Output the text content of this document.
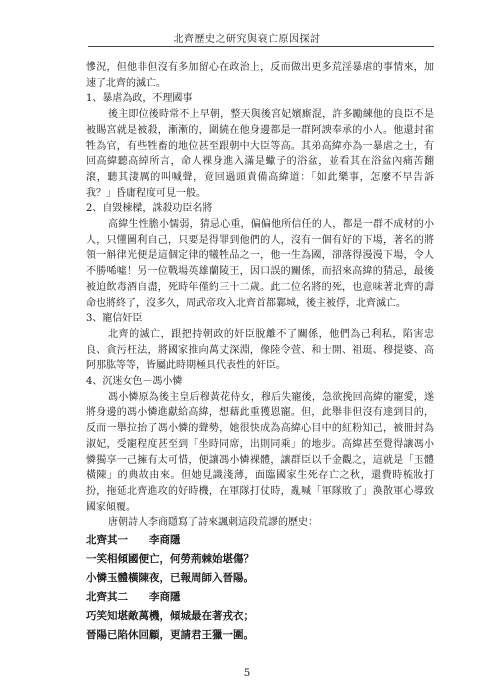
北齊歷史之研究與衰亡原因探討

慘況，但他非但沒有多加留心在政治上，反而做出更多荒淫暴虐的事情來，加速了北齊的滅亡。

1、暴虐為政，不理國事

後主即位後時常不上早朝，整天與後宮妃嬪廝混，許多勵練他的良臣不是被賜宮就是被殺，漸漸的，圍繞在他身邊都是一群阿諛奉承的小人。他還封雀牲為官，有些牲畜的地位甚至跟朝中大臣等高。其弟高緯亦為一暴虐之士，有回高緯聽高綽所言，命人裸身進入滿是蠍子的浴盆，並看其在浴盆內痛苦翻滾，聽其淒厲的叫喊聲，竟回過頭責備高緯道：「如此樂事，怎麼不早告訴我？」昏庸程度可見一般。

2、自毀棟樑，誅殺功臣名將

高緯生性膽小懦弱，猜忌心重，偏偏他所信任的人，都是一群不成材的小人，只懂圖利自己，只要是得罪到他們的人，沒有一個有好的下場，著名的將領一斛律光便是這個定律的犧牲品之一，他一生為國，卻落得漫漫下場，令人不勝唏噓！另一位戰場英雄蘭陵王，因口誤的關係，而招來高緯的猜忌，最後被迫飲毒酒自盡，死時年僅約三十二歲。此二位名將的死，也意味著北齊的壽命也將終了，沒多久，周武帝攻入北齊首都鄴城，後主被俘，北齊滅亡。

3、寵信奸臣

北齊的滅亡，跟把持朝政的奸臣脫離不了關係，他們為己利私，陷害忠良、貪污枉法，將國家推向萬丈深淵，像陸令萱、和士開、祖珽、穆提婆、高阿那肱等等，皆屬此時期極具代表性的奸臣。

4、沉迷女色－馮小憐

馮小憐原為後主皇后穆黃花侍女，穆后失寵後，急欲挽回高緯的寵愛，遂將身邊的馮小憐進獻給高緯，想藉此重獲恩寵。但，此舉非但沒有達到目的，反而一舉拉抬了馮小憐的聲勢，她很快成為高緯心目中的紅粉知己，被冊封為淑妃，受寵程度甚至到「坐時同席，出則同乘」的地步。高緯甚至覺得讓馮小憐獨享一己擁有太可惜，便讓馮小憐裸體，讓群臣以千金觀之，這就是「玉體橫陳」的典故由來。但她見識淺薄，面臨國家生死存亡之秋，還費時梳妝打扮，拖延北齊進攻的好時機，在軍隊打仗時，亂喊「軍隊敗了」渙散軍心導致國家傾覆。

唐朝詩人李商隱寫了詩來諷刺這段荒謬的歷史：

北齊其一　　李商隱

一笑相傾國便亡，何勞荊棘始堪傷？

小憐玉體橫陳夜，已報周師入晉陽。

北齊其二　　李商隱

巧笑知堪敵萬機，傾城最在著戎衣；

晉陽已陷休回顧，更請君王獵一圍。

5
